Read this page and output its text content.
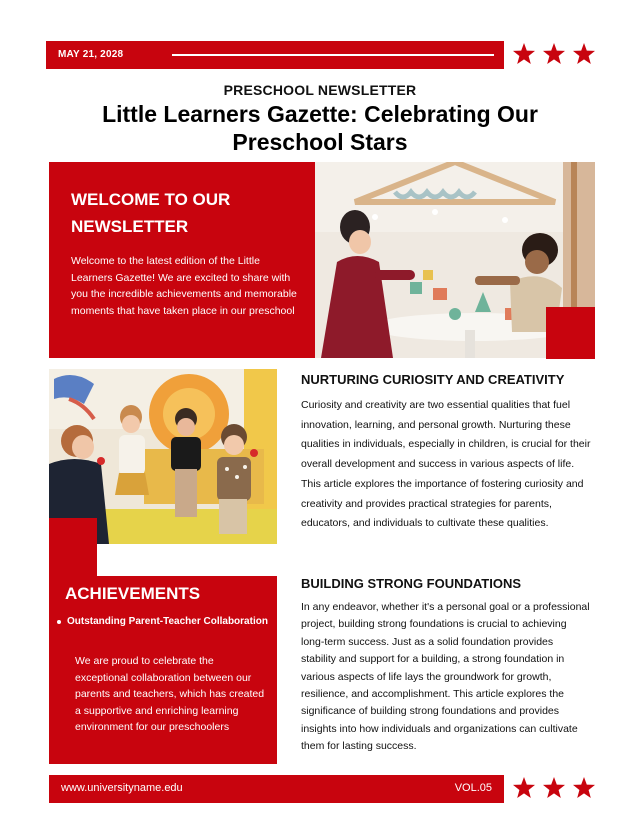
MAY 21, 2028
PRESCHOOL NEWSLETTER
Little Learners Gazette: Celebrating Our Preschool Stars
WELCOME TO OUR NEWSLETTER

Welcome to the latest edition of the Little Learners Gazette! We are excited to share with you the incredible achievements and memorable moments that have taken place in our preschool

NURTURING CURIOSITY AND CREATIVITY

Curiosity and creativity are two essential qualities that fuel innovation, learning, and personal growth. Nurturing these qualities in individuals, especially in children, is crucial for their overall development and success in various aspects of life. This article explores the importance of fostering curiosity and creativity and provides practical strategies for parents, educators, and individuals to cultivate these qualities.

ACHIEVEMENTS
Outstanding Parent-Teacher Collaboration

We are proud to celebrate the exceptional collaboration between our parents and teachers, which has created a supportive and enriching learning environment for our preschoolers

BUILDING STRONG FOUNDATIONS

In any endeavor, whether it's a personal goal or a professional project, building strong foundations is crucial to achieving long-term success. Just as a solid foundation provides stability and support for a building, a strong foundation in various aspects of life lays the groundwork for growth, resilience, and accomplishment. This article explores the significance of building strong foundations and provides insights into how individuals and organizations can cultivate them for lasting success.

www.universityname.edu	VOL.05
